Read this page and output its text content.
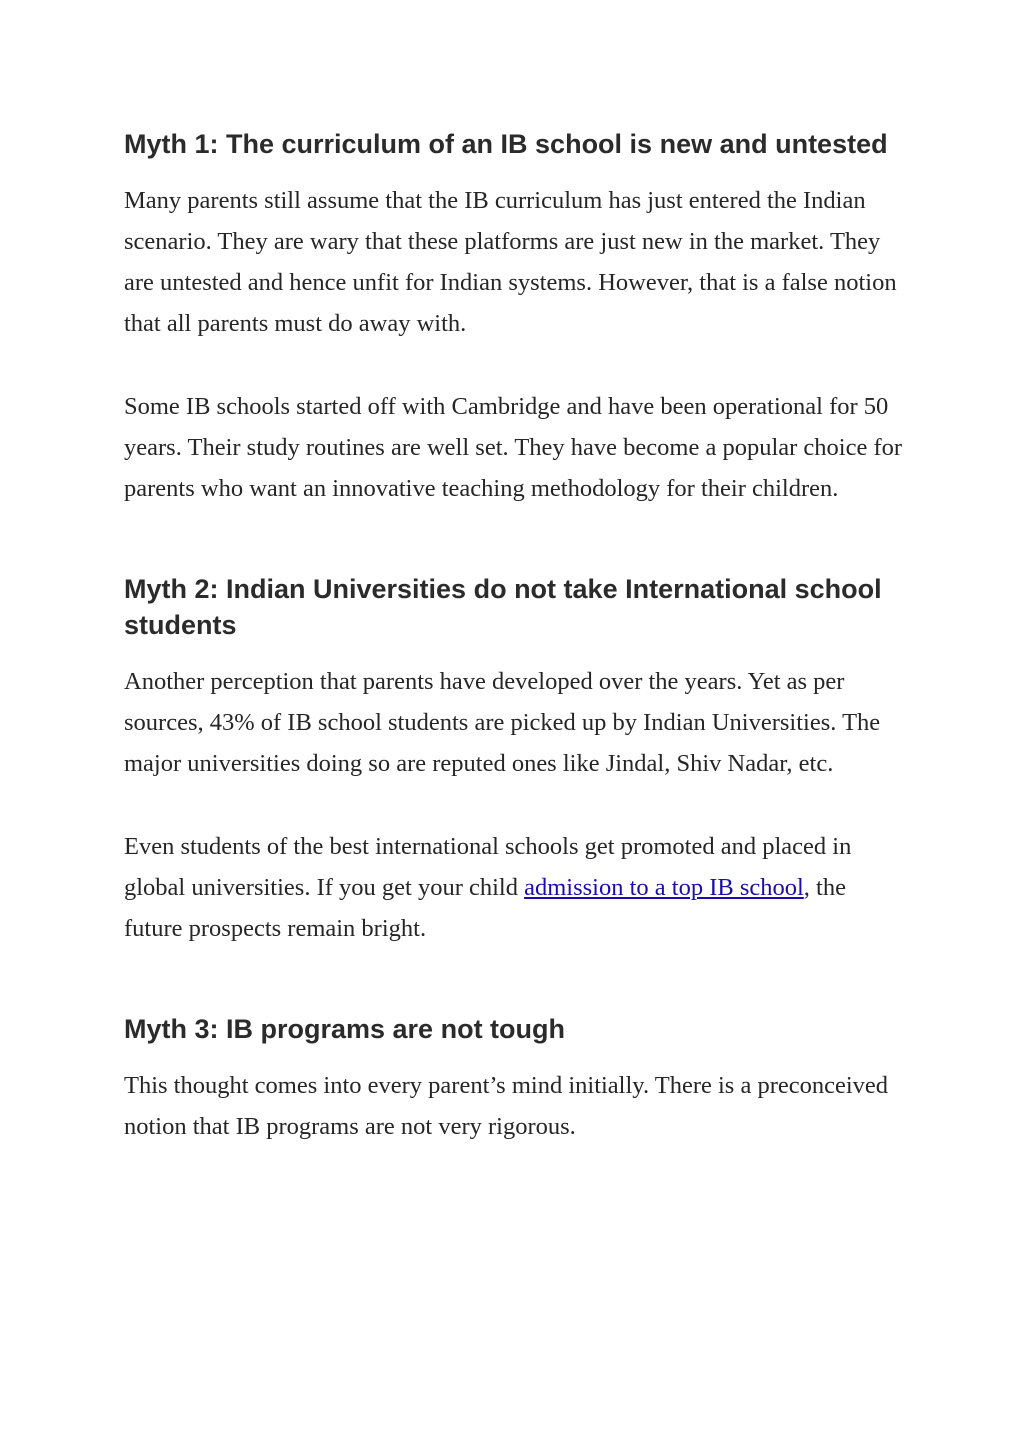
Myth 1: The curriculum of an IB school is new and untested

Many parents still assume that the IB curriculum has just entered the Indian scenario. They are wary that these platforms are just new in the market. They are untested and hence unfit for Indian systems. However, that is a false notion that all parents must do away with.

Some IB schools started off with Cambridge and have been operational for 50 years. Their study routines are well set. They have become a popular choice for parents who want an innovative teaching methodology for their children.

Myth 2: Indian Universities do not take International school students

Another perception that parents have developed over the years. Yet as per sources, 43% of IB school students are picked up by Indian Universities. The major universities doing so are reputed ones like Jindal, Shiv Nadar, etc.

Even students of the best international schools get promoted and placed in global universities. If you get your child admission to a top IB school, the future prospects remain bright.

Myth 3: IB programs are not tough

This thought comes into every parent’s mind initially. There is a preconceived notion that IB programs are not very rigorous.
